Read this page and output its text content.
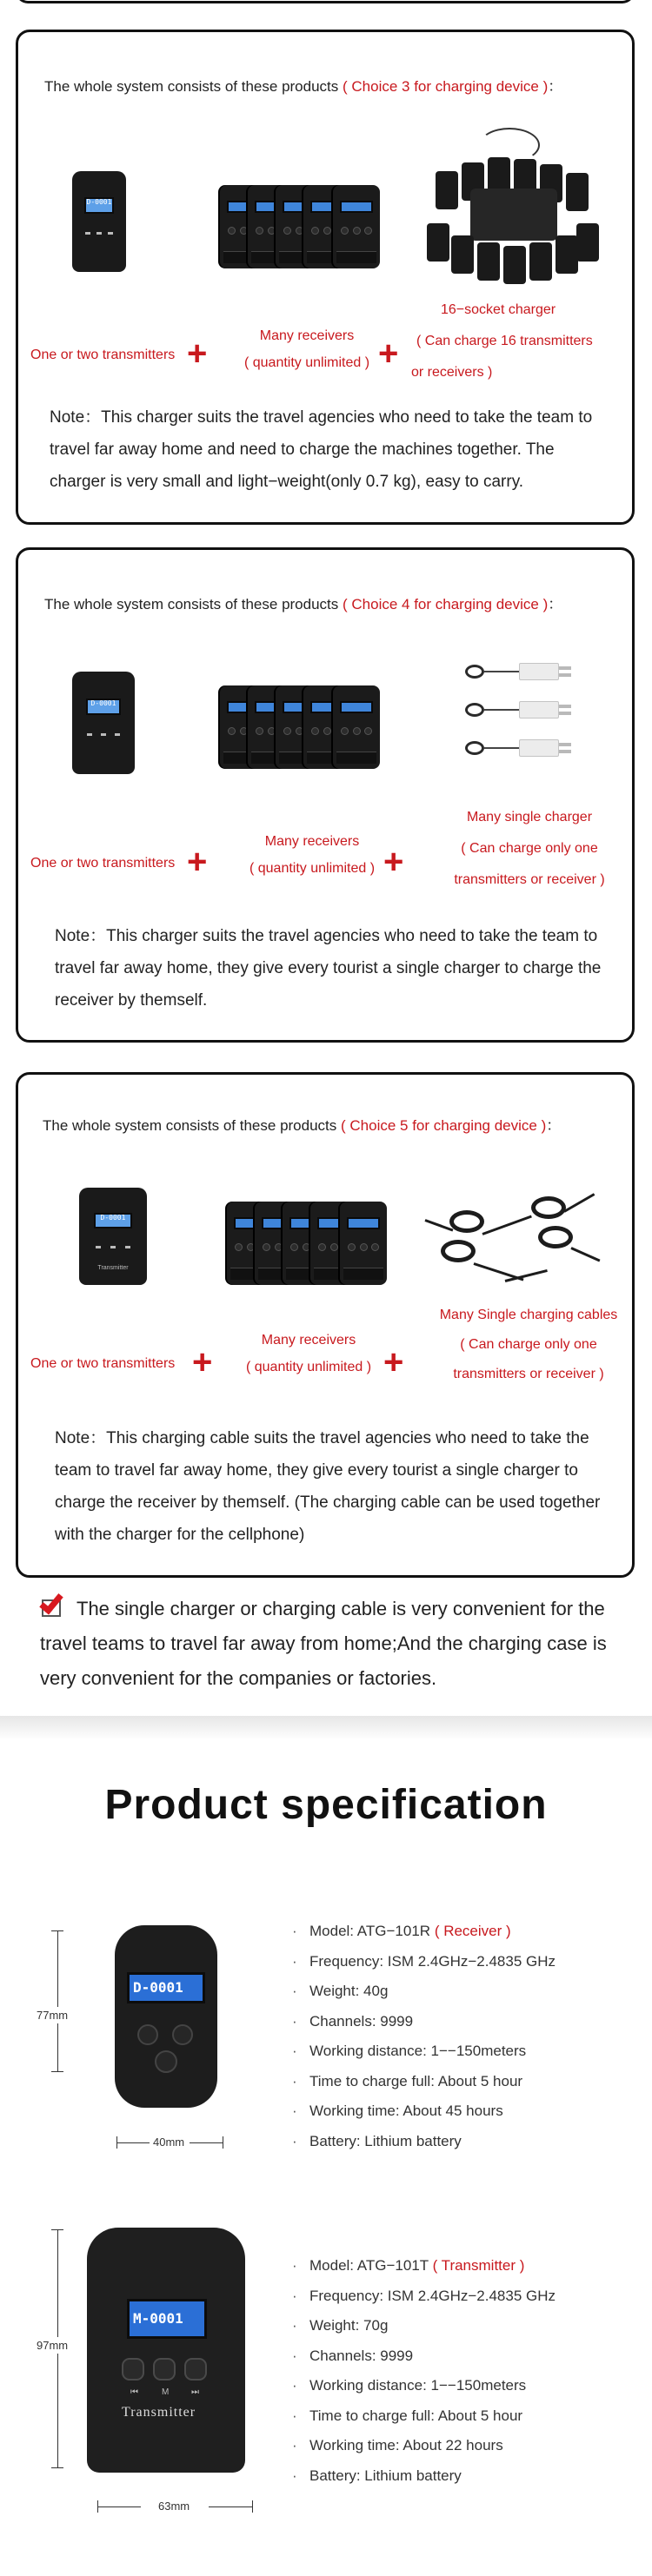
The whole system consists of these products ( Choice 3 for charging device )：
D-0001
One or two transmitters +	Many receivers
( quantity unlimited ) +
16−socket charger
( Can charge 16 transmitters
or receivers )
Note：This charger suits the travel agencies who need to take the team to travel far away home and need to charge the machines together. The charger is very small and light−weight(only 0.7 kg), easy to carry.
The whole system consists of these products ( Choice 4 for charging device )：
D-0001
One or two transmitters +
Many receivers
( quantity unlimited ) +
Many single charger
( Can charge only one
transmitters or receiver )
Note：This charger suits the travel agencies who need to take the team to travel far away home, they give every tourist a single charger to charge the receiver by themself.
The whole system consists of these products ( Choice 5 for charging device )：
D-0001
Transmitter
One or two transmitters +
Many receivers
( quantity unlimited ) +
Many Single charging cables
( Can charge only one
transmitters or receiver )
Note：This charging cable suits the travel agencies who need to take the team to travel far away home, they give every tourist a single charger to charge the receiver by themself. (The charging cable can be used together with the charger for the cellphone)
The single charger or charging cable is very convenient for the travel teams to travel far away from home;And the charging case is very convenient for the companies or factories.
Product specification
77mm
D-0001
40mm
· Model: ATG−101R ( Receiver )
· Frequency: ISM 2.4GHz−2.4835 GHz
· Weight: 40g
· Channels: 9999
· Working distance: 1−−150meters
· Time to charge full: About 5 hour
· Working time: About 45 hours
· Battery: Lithium battery
97mm
M-0001
⏮	M	⏭
Transmitter
63mm
· Model: ATG−101T ( Transmitter )
· Frequency: ISM 2.4GHz−2.4835 GHz
· Weight: 70g
· Channels: 9999
· Working distance: 1−−150meters
· Time to charge full: About 5 hour
· Working time: About 22 hours
· Battery: Lithium battery
